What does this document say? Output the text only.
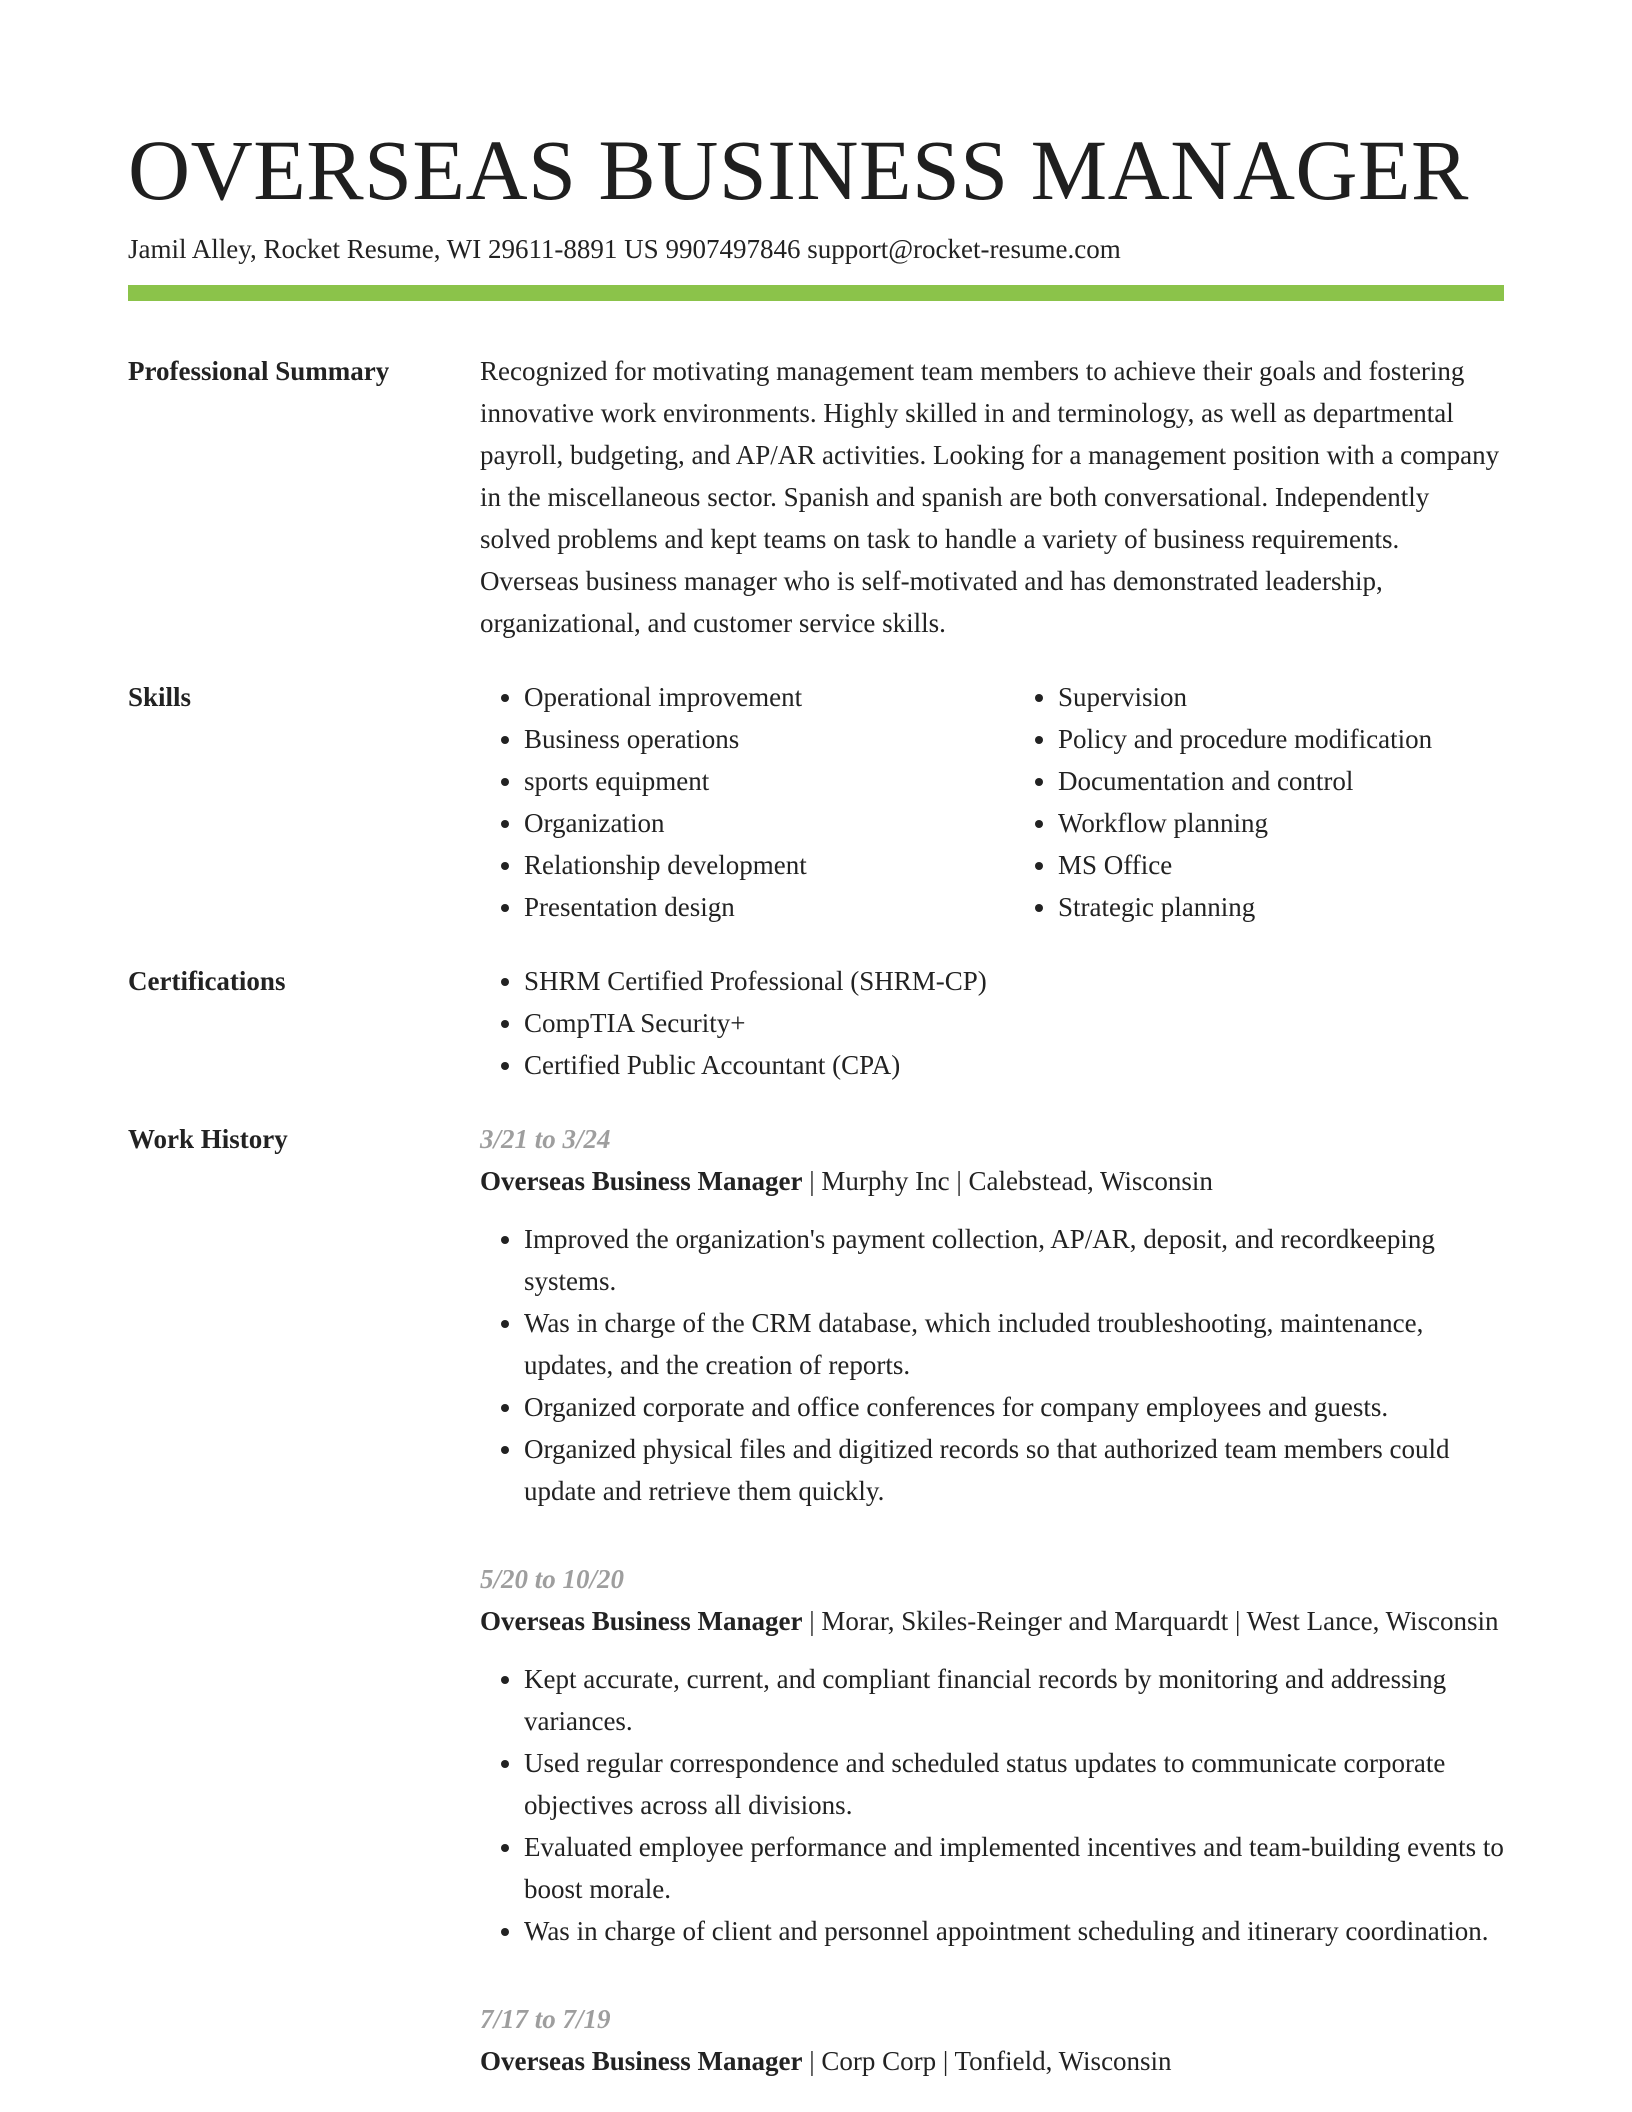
OVERSEAS BUSINESS MANAGER
Jamil Alley, Rocket Resume, WI 29611-8891 US 9907497846 support@rocket-resume.com
Professional Summary	Recognized for motivating management team members to achieve their goals and fostering innovative work environments. Highly skilled in and terminology, as well as departmental payroll, budgeting, and AP/AR activities. Looking for a management position with a company in the miscellaneous sector. Spanish and spanish are both conversational. Independently solved problems and kept teams on task to handle a variety of business requirements. Overseas business manager who is self-motivated and has demonstrated leadership, organizational, and customer service skills.

Skills	• Operational improvement
• Business operations
• sports equipment
• Organization
• Relationship development
• Presentation design
• Supervision
• Policy and procedure modification
• Documentation and control
• Workflow planning
• MS Office
• Strategic planning
Certifications	• SHRM Certified Professional (SHRM-CP)
• CompTIA Security+
• Certified Public Accountant (CPA)
Work History	3/21 to 3/24

Overseas Business Manager | Murphy Inc | Calebstead, Wisconsin

• Improved the organization's payment collection, AP/AR, deposit, and recordkeeping systems.
• Was in charge of the CRM database, which included troubleshooting, maintenance, updates, and the creation of reports.
• Organized corporate and office conferences for company employees and guests.
• Organized physical files and digitized records so that authorized team members could update and retrieve them quickly.

5/20 to 10/20

Overseas Business Manager | Morar, Skiles-Reinger and Marquardt | West Lance, Wisconsin

• Kept accurate, current, and compliant financial records by monitoring and addressing variances.
• Used regular correspondence and scheduled status updates to communicate corporate objectives across all divisions.
• Evaluated employee performance and implemented incentives and team-building events to boost morale.
• Was in charge of client and personnel appointment scheduling and itinerary coordination.

7/17 to 7/19

Overseas Business Manager | Corp Corp | Tonfield, Wisconsin
